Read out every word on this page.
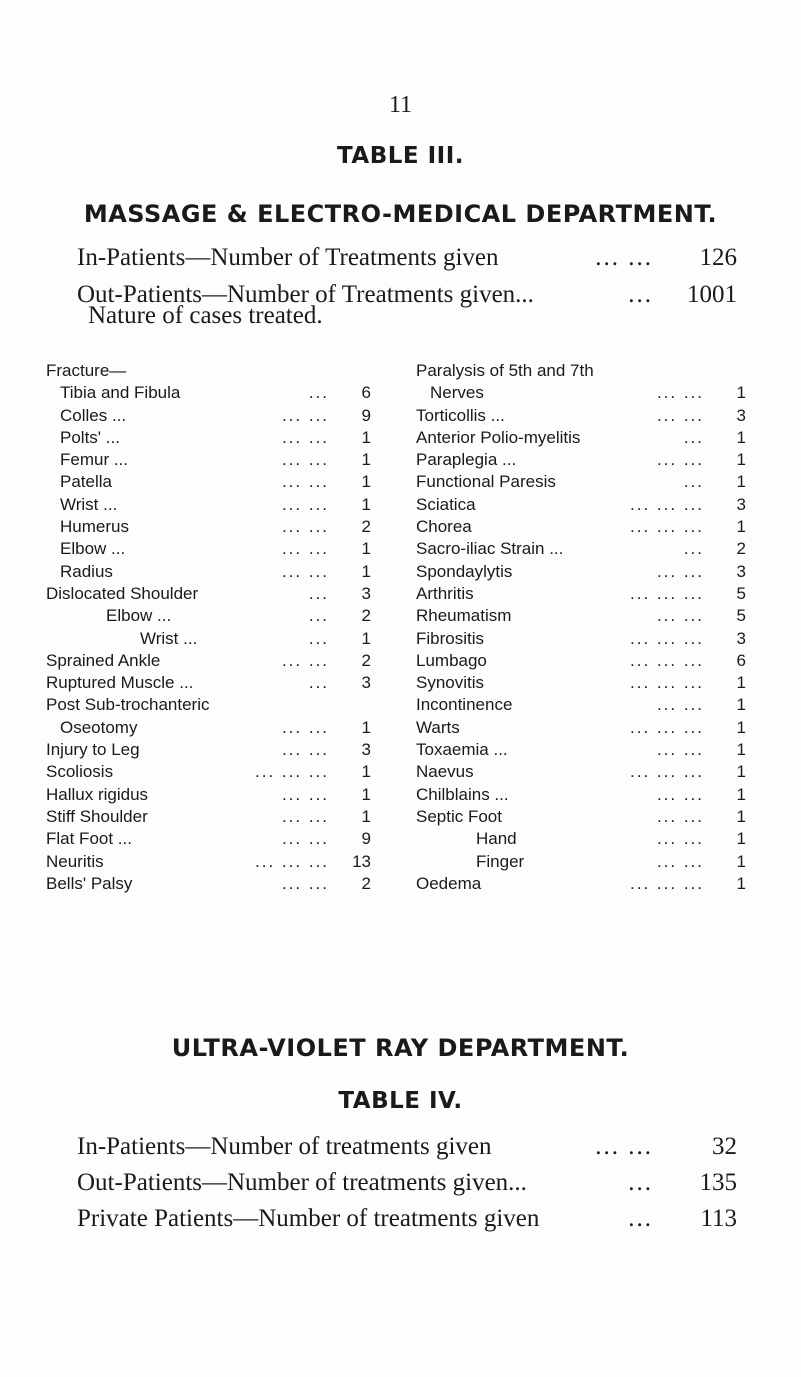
11
TABLE III.
MASSAGE & ELECTRO-MEDICAL DEPARTMENT.
In-Patients—Number of Treatments given	... ... 126
Out-Patients—Number of Treatments given...	... 1001
Nature of cases treated.
Fracture—
Tibia and Fibula	...	6
Colles ...	... ...	9
Polts' ...	... ...	1
Femur ...	... ...	1
Patella	... ...	1
Wrist ...	... ...	1
Humerus	... ...	2
Elbow ...	... ...	1
Radius	... ...	1
Dislocated Shoulder	...	3
Elbow ...	...	2
Wrist ...	...	1
Sprained Ankle	... ...	2
Ruptured Muscle ...	...	3
Post Sub-trochanteric
Oseotomy	... ...	1
Injury to Leg	... ...	3
Scoliosis	... ... ...	1
Hallux rigidus	... ...	1
Stiff Shoulder	... ...	1
Flat Foot ...	... ...	9
Neuritis	... ... ... 13
Bells' Palsy	... ...	2
Paralysis of 5th and 7th
Nerves	... ...	1
Torticollis ...	... ...	3
Anterior Polio-myelitis	...	1
Paraplegia ...	... ...	1
Functional Paresis	...	1
Sciatica	... ... ...	3
Chorea	... ... ...	1
Sacro-iliac Strain ...	...	2
Spondaylytis	... ...	3
Arthritis	... ... ...	5
Rheumatism	... ...	5
Fibrositis	... ... ...	3
Lumbago	... ... ...	6
Synovitis	... ... ...	1
Incontinence	... ...	1
Warts	... ... ...	1
Toxaemia ...	... ...	1
Naevus	... ... ...	1
Chilblains ...	... ...	1
Septic Foot	... ...	1
Hand	... ...	1
Finger	... ...	1
Oedema	... ... ...	1
ULTRA-VIOLET RAY DEPARTMENT.
TABLE IV.
In-Patients—Number of treatments given	... ... 32
Out-Patients—Number of treatments given...	... 135
Private Patients—Number of treatments given	... 113
